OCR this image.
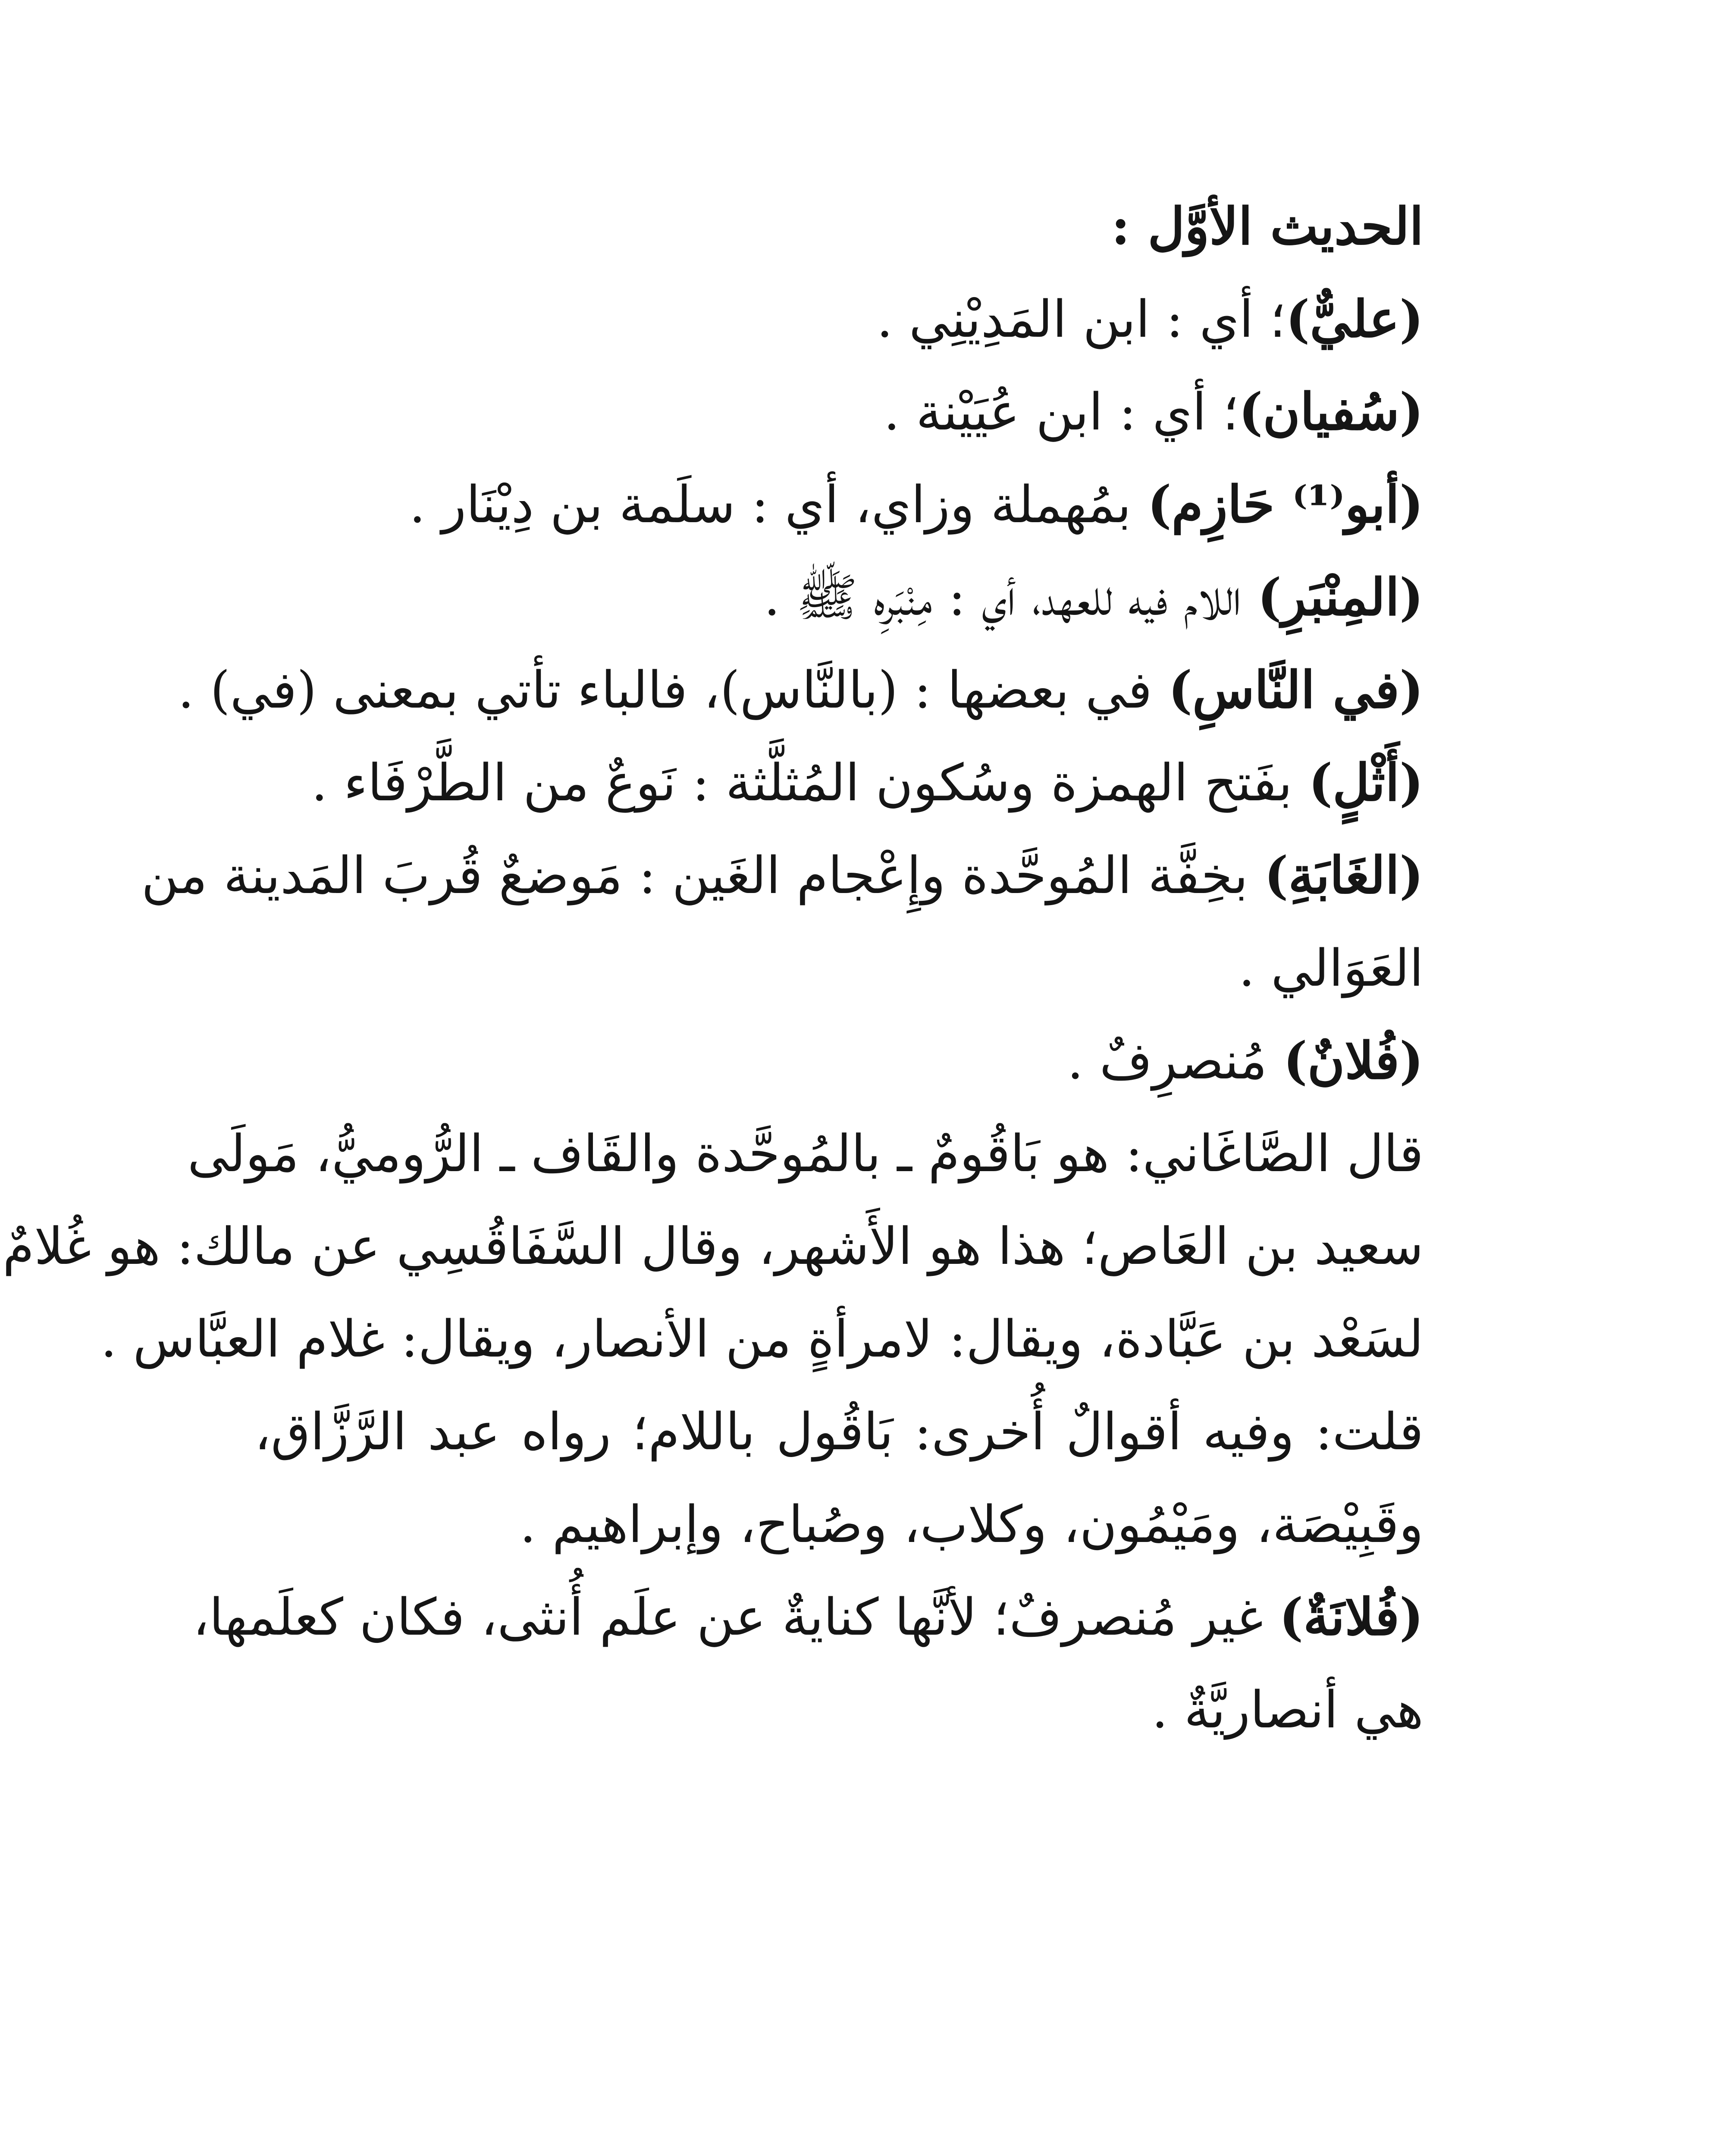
الحديث الأوَّل :
(عليٌّ)؛ أي : ابن المَدِيْنِي .
(سُفيان)؛ أي : ابن عُيَيْنة .
(أبو⁽¹⁾ حَازِم) بمُهملة وزاي، أي : سلَمة بن دِيْنَار .
(المِنْبَرِ) اللام فيه للعهد، أي : مِنْبَرِه ﷺ .
(في النَّاسِ) في بعضها : (بالنَّاس)، فالباء تأتي بمعنى (في) .
(أَثْلٍ) بفَتح الهمزة وسُكون المُثلَّثة : نَوعٌ من الطَّرْفَاء .
(الغَابَةِ) بخِفَّة المُوحَّدة وإِعْجام الغَين : مَوضعٌ قُربَ المَدينة من
العَوَالي .
(فُلانٌ) مُنصرِفٌ .
قال الصَّاغَاني: هو بَاقُومٌ ـ بالمُوحَّدة والقَاف ـ الرُّوميُّ، مَولَى
سعيد بن العَاص؛ هذا هو الأَشهر، وقال السَّفَاقُسِي عن مالك: هو غُلامٌ
لسَعْد بن عَبَّادة، ويقال: لامرأةٍ من الأنصار، ويقال: غلام العبَّاس .
قلت: وفيه أقوالٌ أُخرى: بَاقُول باللام؛ رواه عبد الرَّزَّاق،
وقَبِيْصَة، ومَيْمُون، وكلاب، وصُباح، وإبراهيم .
(فُلانَةٌ) غير مُنصرفٌ؛ لأنَّها كنايةٌ عن علَم أُنثى، فكان كعلَمها،
هي أنصاريَّةٌ .
